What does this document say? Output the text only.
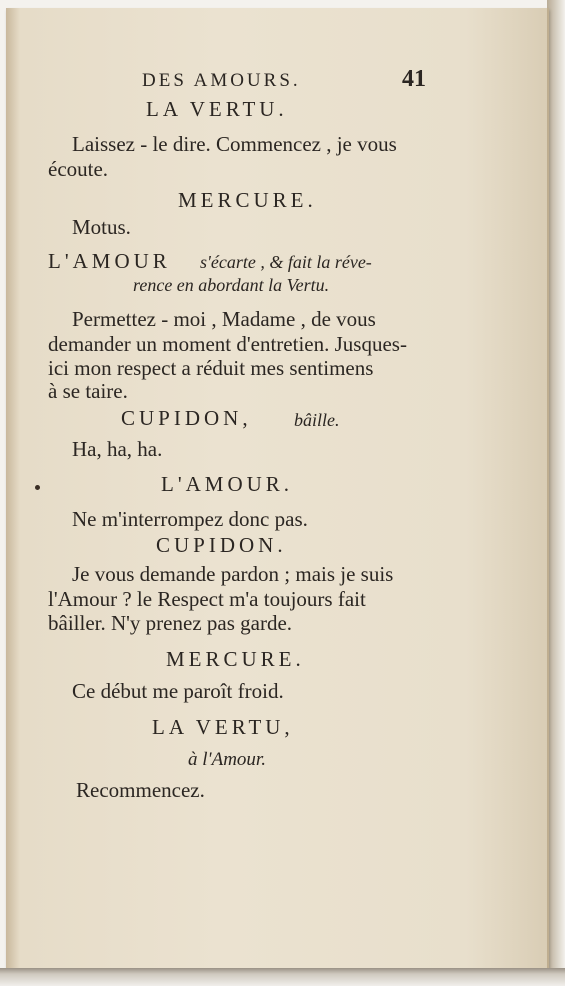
DES AMOURS.	41
LA VERTU.
Laissez - le dire. Commencez , je vous
écoute.
MERCURE.
Motus.
L'AMOUR s'écarte , & fait la réve-
rence en abordant la Vertu.
Permettez - moi , Madame , de vous
demander un moment d'entretien. Jusques-
ici mon respect a réduit mes sentimens
à se taire.
CUPIDON, bâille.
Ha, ha, ha.
L'AMOUR.
Ne m'interrompez donc pas.
CUPIDON.
Je vous demande pardon ; mais je suis
l'Amour ? le Respect m'a toujours fait
bâiller. N'y prenez pas garde.
MERCURE.
Ce début me paroît froid.
LA VERTU,
à l'Amour.
Recommencez.
